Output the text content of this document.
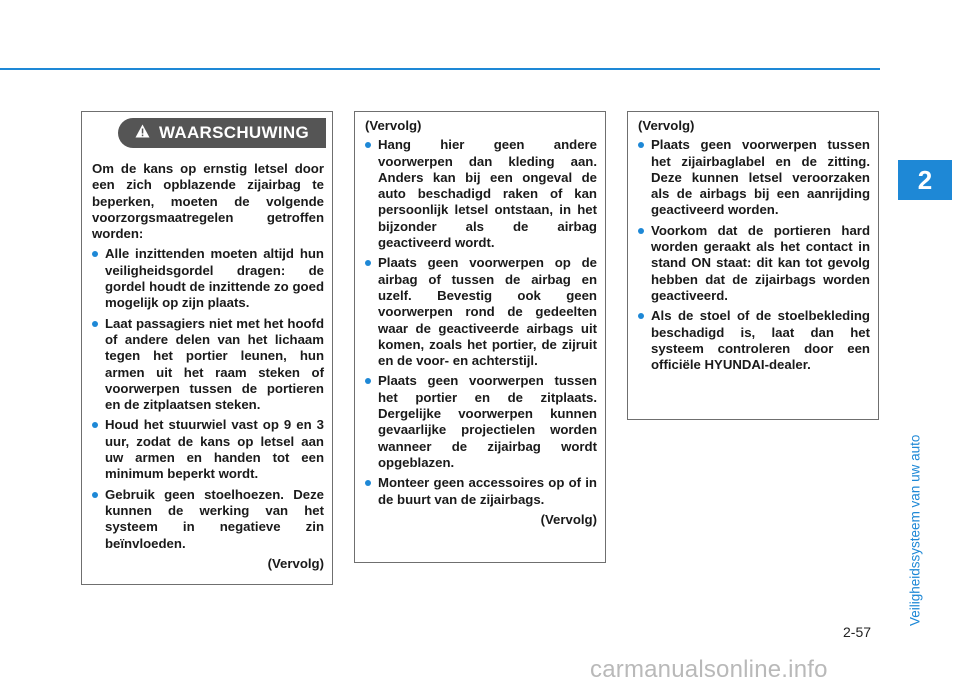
2
Veiligheidssysteem van uw auto
WAARSCHUWING
Om de kans op ernstig letsel door een zich opblazende zijairbag te beperken, moeten de volgende voorzorgsmaatregelen getroffen worden:
Alle inzittenden moeten altijd hun veiligheidsgordel dragen: de gordel houdt de inzittende zo goed mogelijk op zijn plaats.
Laat passagiers niet met het hoofd of andere delen van het lichaam tegen het portier leunen, hun armen uit het raam steken of voorwerpen tussen de portieren en de zitplaatsen steken.
Houd het stuurwiel vast op 9 en 3 uur, zodat de kans op letsel aan uw armen en handen tot een minimum beperkt wordt.
Gebruik geen stoelhoezen. Deze kunnen de werking van het systeem in negatieve zin beïnvloeden.
(Vervolg)
(Vervolg)
Hang hier geen andere voorwerpen dan kleding aan. Anders kan bij een ongeval de auto beschadigd raken of kan persoonlijk letsel ontstaan, in het bijzonder als de airbag geactiveerd wordt.
Plaats geen voorwerpen op de airbag of tussen de airbag en uzelf. Bevestig ook geen voorwerpen rond de gedeelten waar de geactiveerde airbags uit komen, zoals het portier, de zijruit en de voor- en achterstijl.
Plaats geen voorwerpen tussen het portier en de zitplaats. Dergelijke voorwerpen kunnen gevaarlijke projectielen worden wanneer de zijairbag wordt opgeblazen.
Monteer geen accessoires op of in de buurt van de zijairbags.
(Vervolg)
(Vervolg)
Plaats geen voorwerpen tussen het zijairbaglabel en de zitting. Deze kunnen letsel veroorzaken als de airbags bij een aanrijding geactiveerd worden.
Voorkom dat de portieren hard worden geraakt als het contact in stand ON staat: dit kan tot gevolg hebben dat de zijairbags worden geactiveerd.
Als de stoel of de stoelbekleding beschadigd is, laat dan het systeem controleren door een officiële HYUNDAI-dealer.
2-57
carmanualsonline.info
